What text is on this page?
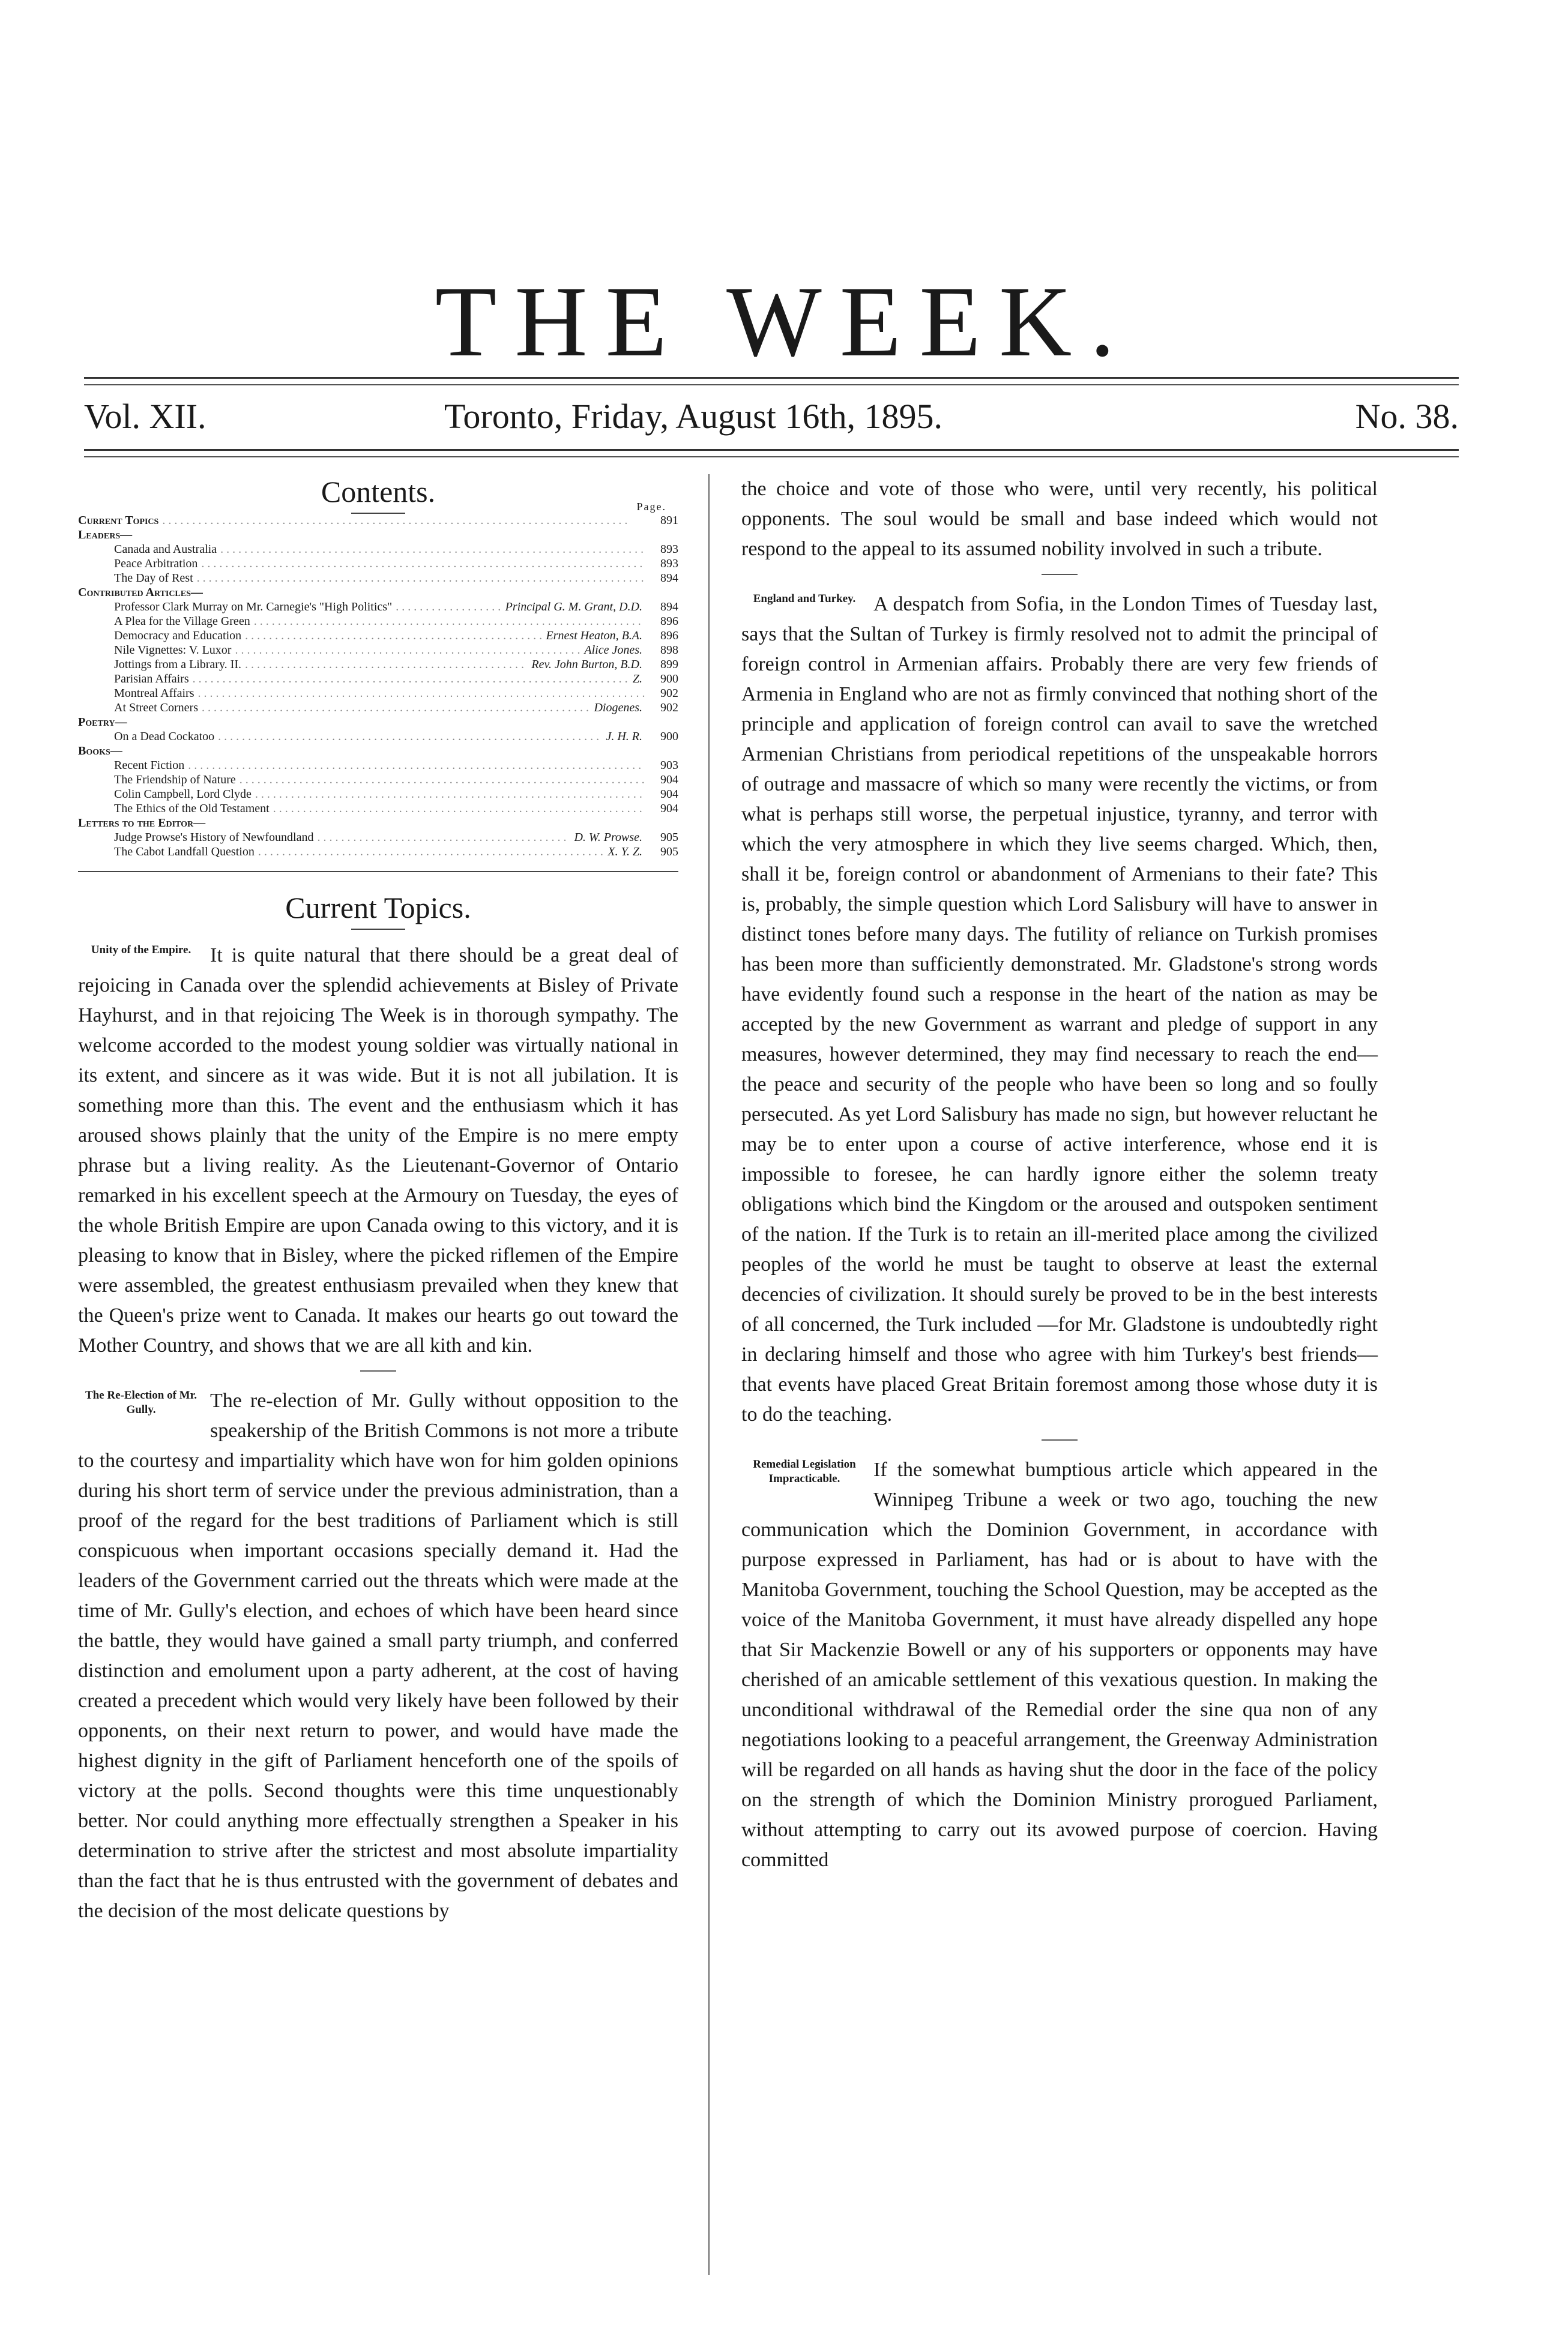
THE WEEK.
Vol. XII.	Toronto, Friday, August 16th, 1895.	No. 38.
Contents.	Page.
Current Topics . . .	891
Leaders—
Canada and Australia . . .	893
Peace Arbitration . . .	893
The Day of Rest . . .	894
Contributed Articles—
Professor Clark Murray on Mr. Carnegie's "High Politics" . . .	Principal G. M. Grant, D.D.	894
A Plea for the Village Green . . .	896
Democracy and Education . . .	Ernest Heaton, B.A.	896
Nile Vignettes: V. Luxor . . .	Alice Jones.	898
Jottings from a Library. II. . . .	Rev. John Burton, B.D.	899
Parisian Affairs . . .	Z.	900
Montreal Affairs . . .	902
At Street Corners . . .	Diogenes.	902
Poetry—
On a Dead Cockatoo . . .	J. H. R.	900
Books—
Recent Fiction . . .	903
The Friendship of Nature . . .	904
Colin Campbell, Lord Clyde . . .	904
The Ethics of the Old Testament . . .	904
Letters to the Editor—
Judge Prowse's History of Newfoundland . . .	D. W. Prowse.	905
The Cabot Landfall Question . . .	X. Y. Z.	905
Current Topics.
Unity of the Empire. It is quite natural that there should be a great deal of rejoicing in Canada over the splendid achievements at Bisley of Private Hayhurst, and in that rejoicing The Week is in thorough sympathy. The welcome accorded to the modest young soldier was virtually national in its extent, and sincere as it was wide. But it is not all jubilation. It is something more than this. The event and the enthusiasm which it has aroused shows plainly that the unity of the Empire is no mere empty phrase but a living reality. As the Lieutenant-Governor of Ontario remarked in his excellent speech at the Armoury on Tuesday, the eyes of the whole British Empire are upon Canada owing to this victory, and it is pleasing to know that in Bisley, where the picked riflemen of the Empire were assembled, the greatest enthusiasm prevailed when they knew that the Queen's prize went to Canada. It makes our hearts go out toward the Mother Country, and shows that we are all kith and kin.

The Re-Election of Mr. Gully.	The re-election of Mr. Gully without opposition to the speakership of the British Commons is not more a tribute to the courtesy and impartiality which have won for him golden opinions during his short term of service under the previous administration, than a proof of the regard for the best traditions of Parliament which is still conspicuous when important occasions specially demand it. Had the leaders of the Government carried out the threats which were made at the time of Mr. Gully's election, and echoes of which have been heard since the battle, they would have gained a small party triumph, and conferred distinction and emolument upon a party adherent, at the cost of having created a precedent which would very likely have been followed by their opponents, on their next return to power, and would have made the highest dignity in the gift of Parliament henceforth one of the spoils of victory at the polls. Second thoughts were this time unquestionably better. Nor could anything more effectually strengthen a Speaker in his determination to strive after the strictest and most absolute impartiality than the fact that he is thus entrusted with the government of debates and the decision of the most delicate questions by

the choice and vote of those who were, until very recently, his political opponents. The soul would be small and base indeed which would not respond to the appeal to its assumed nobility involved in such a tribute.

England and Turkey. A despatch from Sofia, in the London Times of Tuesday last, says that the Sultan of Turkey is firmly resolved not to admit the principal of foreign control in Armenian affairs. Probably there are very few friends of Armenia in England who are not as firmly convinced that nothing short of the principle and application of foreign control can avail to save the wretched Armenian Christians from periodical repetitions of the unspeakable horrors of outrage and massacre of which so many were recently the victims, or from what is perhaps still worse, the perpetual injustice, tyranny, and terror with which the very atmosphere in which they live seems charged. Which, then, shall it be, foreign control or abandonment of Armenians to their fate? This is, probably, the simple question which Lord Salisbury will have to answer in distinct tones before many days. The futility of reliance on Turkish promises has been more than sufficiently demonstrated. Mr. Gladstone's strong words have evidently found such a response in the heart of the nation as may be accepted by the new Government as warrant and pledge of support in any measures, however determined, they may find necessary to reach the end—the peace and security of the people who have been so long and so foully persecuted. As yet Lord Salisbury has made no sign, but however reluctant he may be to enter upon a course of active interference, whose end it is impossible to foresee, he can hardly ignore either the solemn treaty obligations which bind the Kingdom or the aroused and outspoken sentiment of the nation. If the Turk is to retain an ill-merited place among the civilized peoples of the world he must be taught to observe at least the external decencies of civilization. It should surely be proved to be in the best interests of all concerned, the Turk included —for Mr. Gladstone is undoubtedly right in declaring himself and those who agree with him Turkey's best friends— that events have placed Great Britain foremost among those whose duty it is to do the teaching.

Remedial Legislation Impracticable.	If the somewhat bumptious article which appeared in the Winnipeg Tribune a week or two ago, touching the new communication which the Dominion Government, in accordance with purpose expressed in Parliament, has had or is about to have with the Manitoba Government, touching the School Question, may be accepted as the voice of the Manitoba Government, it must have already dispelled any hope that Sir Mackenzie Bowell or any of his supporters or opponents may have cherished of an amicable settlement of this vexatious question. In making the unconditional withdrawal of the Remedial order the sine qua non of any negotiations looking to a peaceful arrangement, the Greenway Administration will be regarded on all hands as having shut the door in the face of the policy on the strength of which the Dominion Ministry prorogued Parliament, without attempting to carry out its avowed purpose of coercion. Having committed
